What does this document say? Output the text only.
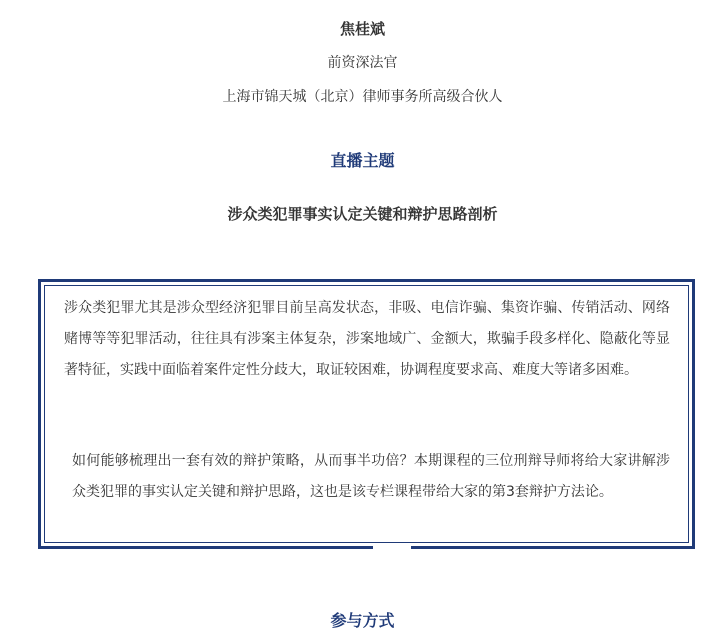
焦桂斌
前资深法官
上海市锦天城（北京）律师事务所高级合伙人
直播主题
涉众类犯罪事实认定关键和辩护思路剖析
涉众类犯罪尤其是涉众型经济犯罪目前呈高发状态，非吸、电信诈骗、集资诈骗、传销活动、网络赌博等等犯罪活动，往往具有涉案主体复杂，涉案地域广、金额大，欺骗手段多样化、隐蔽化等显著特征，实践中面临着案件定性分歧大，取证较困难，协调程度要求高、难度大等诸多困难。
如何能够梳理出一套有效的辩护策略，从而事半功倍？本期课程的三位刑辩导师将给大家讲解涉众类犯罪的事实认定关键和辩护思路，这也是该专栏课程带给大家的第3套辩护方法论。
参与方式
